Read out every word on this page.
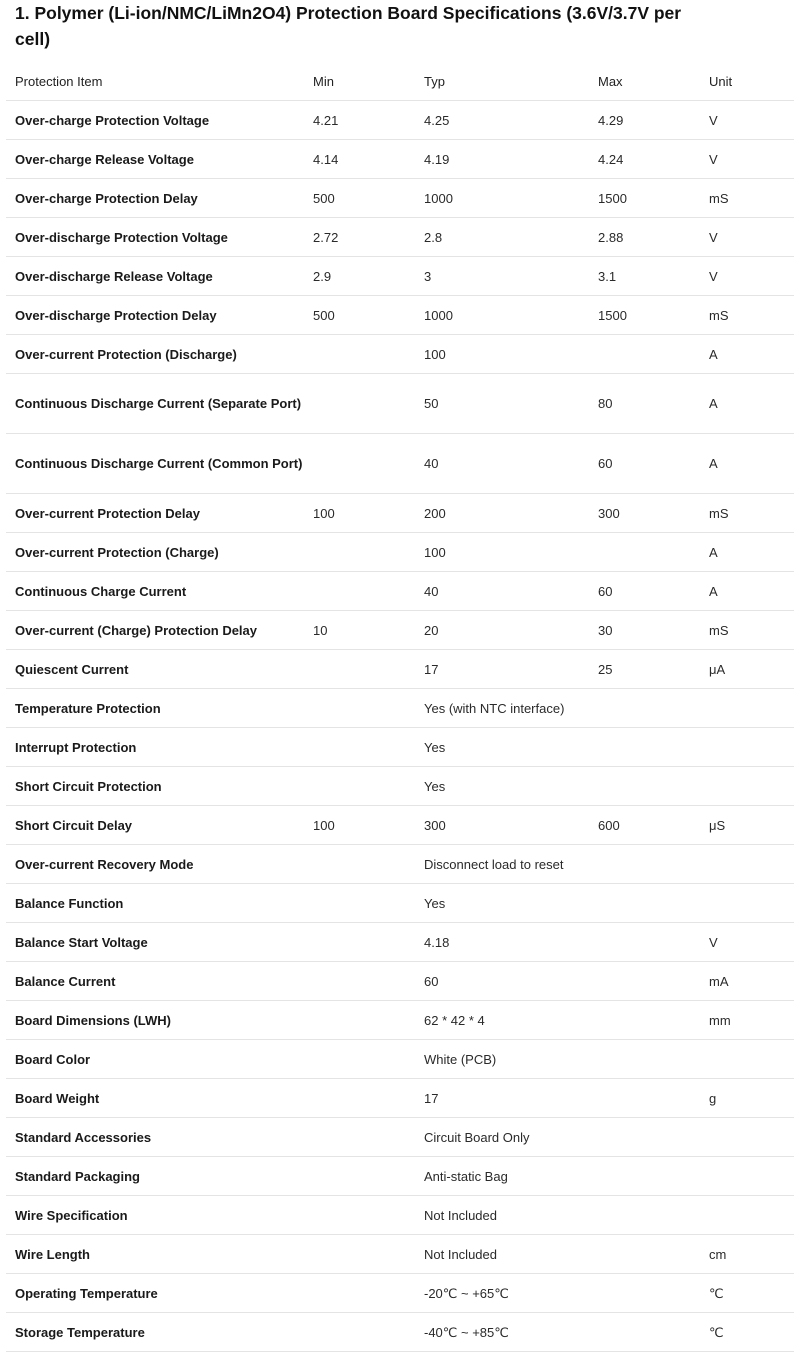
1. Polymer (Li-ion/NMC/LiMn2O4) Protection Board Specifications (3.6V/3.7V per cell)
Protection Item	Min	Typ	Max	Unit
Over-charge Protection Voltage	4.21	4.25	4.29	V
Over-charge Release Voltage	4.14	4.19	4.24	V
Over-charge Protection Delay	500	1000	1500	mS
Over-discharge Protection Voltage	2.72	2.8	2.88	V
Over-discharge Release Voltage	2.9	3	3.1	V
Over-discharge Protection Delay	500	1000	1500	mS
Over-current Protection (Discharge)		100		A
Continuous Discharge Current (Separate Port)		50	80	A
Continuous Discharge Current (Common Port)		40	60	A
Over-current Protection Delay	100	200	300	mS
Over-current Protection (Charge)		100		A
Continuous Charge Current		40	60	A
Over-current (Charge) Protection Delay	10	20	30	mS
Quiescent Current		17	25	μA
Temperature Protection		Yes (with NTC interface)		
Interrupt Protection		Yes		
Short Circuit Protection		Yes		
Short Circuit Delay	100	300	600	μS
Over-current Recovery Mode		Disconnect load to reset		
Balance Function		Yes		
Balance Start Voltage		4.18		V
Balance Current		60		mA
Board Dimensions (LWH)		62 * 42 * 4		mm
Board Color		White (PCB)		
Board Weight		17		g
Standard Accessories		Circuit Board Only		
Standard Packaging		Anti-static Bag		
Wire Specification		Not Included		
Wire Length		Not Included		cm
Operating Temperature		-20℃ ~ +65℃		℃
Storage Temperature		-40℃ ~ +85℃		℃
